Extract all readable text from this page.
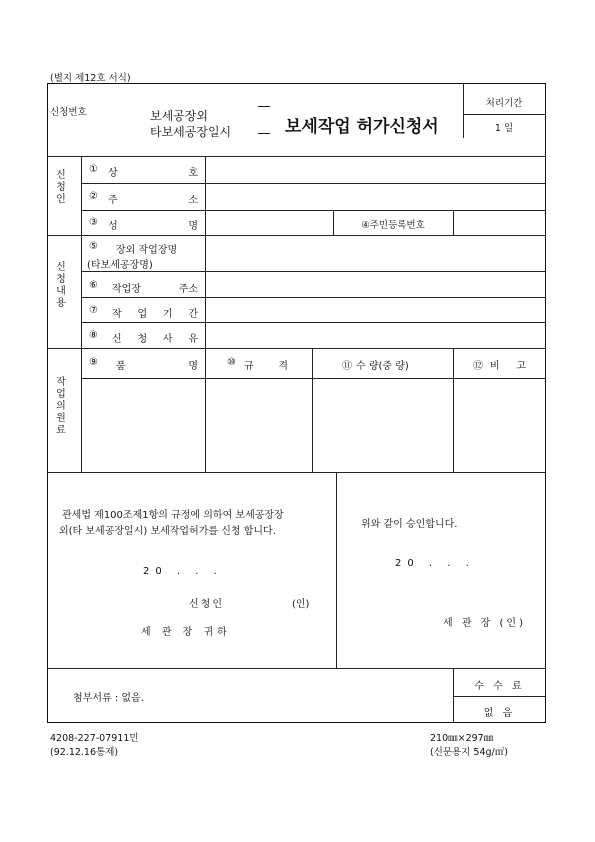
(별지 제12호 서식)
신청번호	보세공장외
타보세공장일시	보세작업 허가신청서
처리기간
1 일
신청인
① 상	호
② 주	소
③ 성	명	④주민등록번호
신청내용
⑤ 장외 작업장명
(타보세공장명)
⑥ 작업장	주소
⑦ 작 업 기 간
⑧ 신 청 사 유
작업의원료
⑨ 품	명	⑩ 규 격	⑪ 수 량(중 량)	⑫ 비 고
관세법 제100조제1항의 규정에 의하여 보세공장장
외(타 보세공장일시) 보세작업허가를 신청 합니다.
20 . . .
신청인	(인)
세 관 장 귀하
위와 같이 승인합니다.
20 . . .
세 관 장 (인)
첨부서류 : 없음.
수 수 료
없 음
4208-227-07911민
(92.12.16통제)
210㎜×297㎜
(신문용지 54g/㎡)
